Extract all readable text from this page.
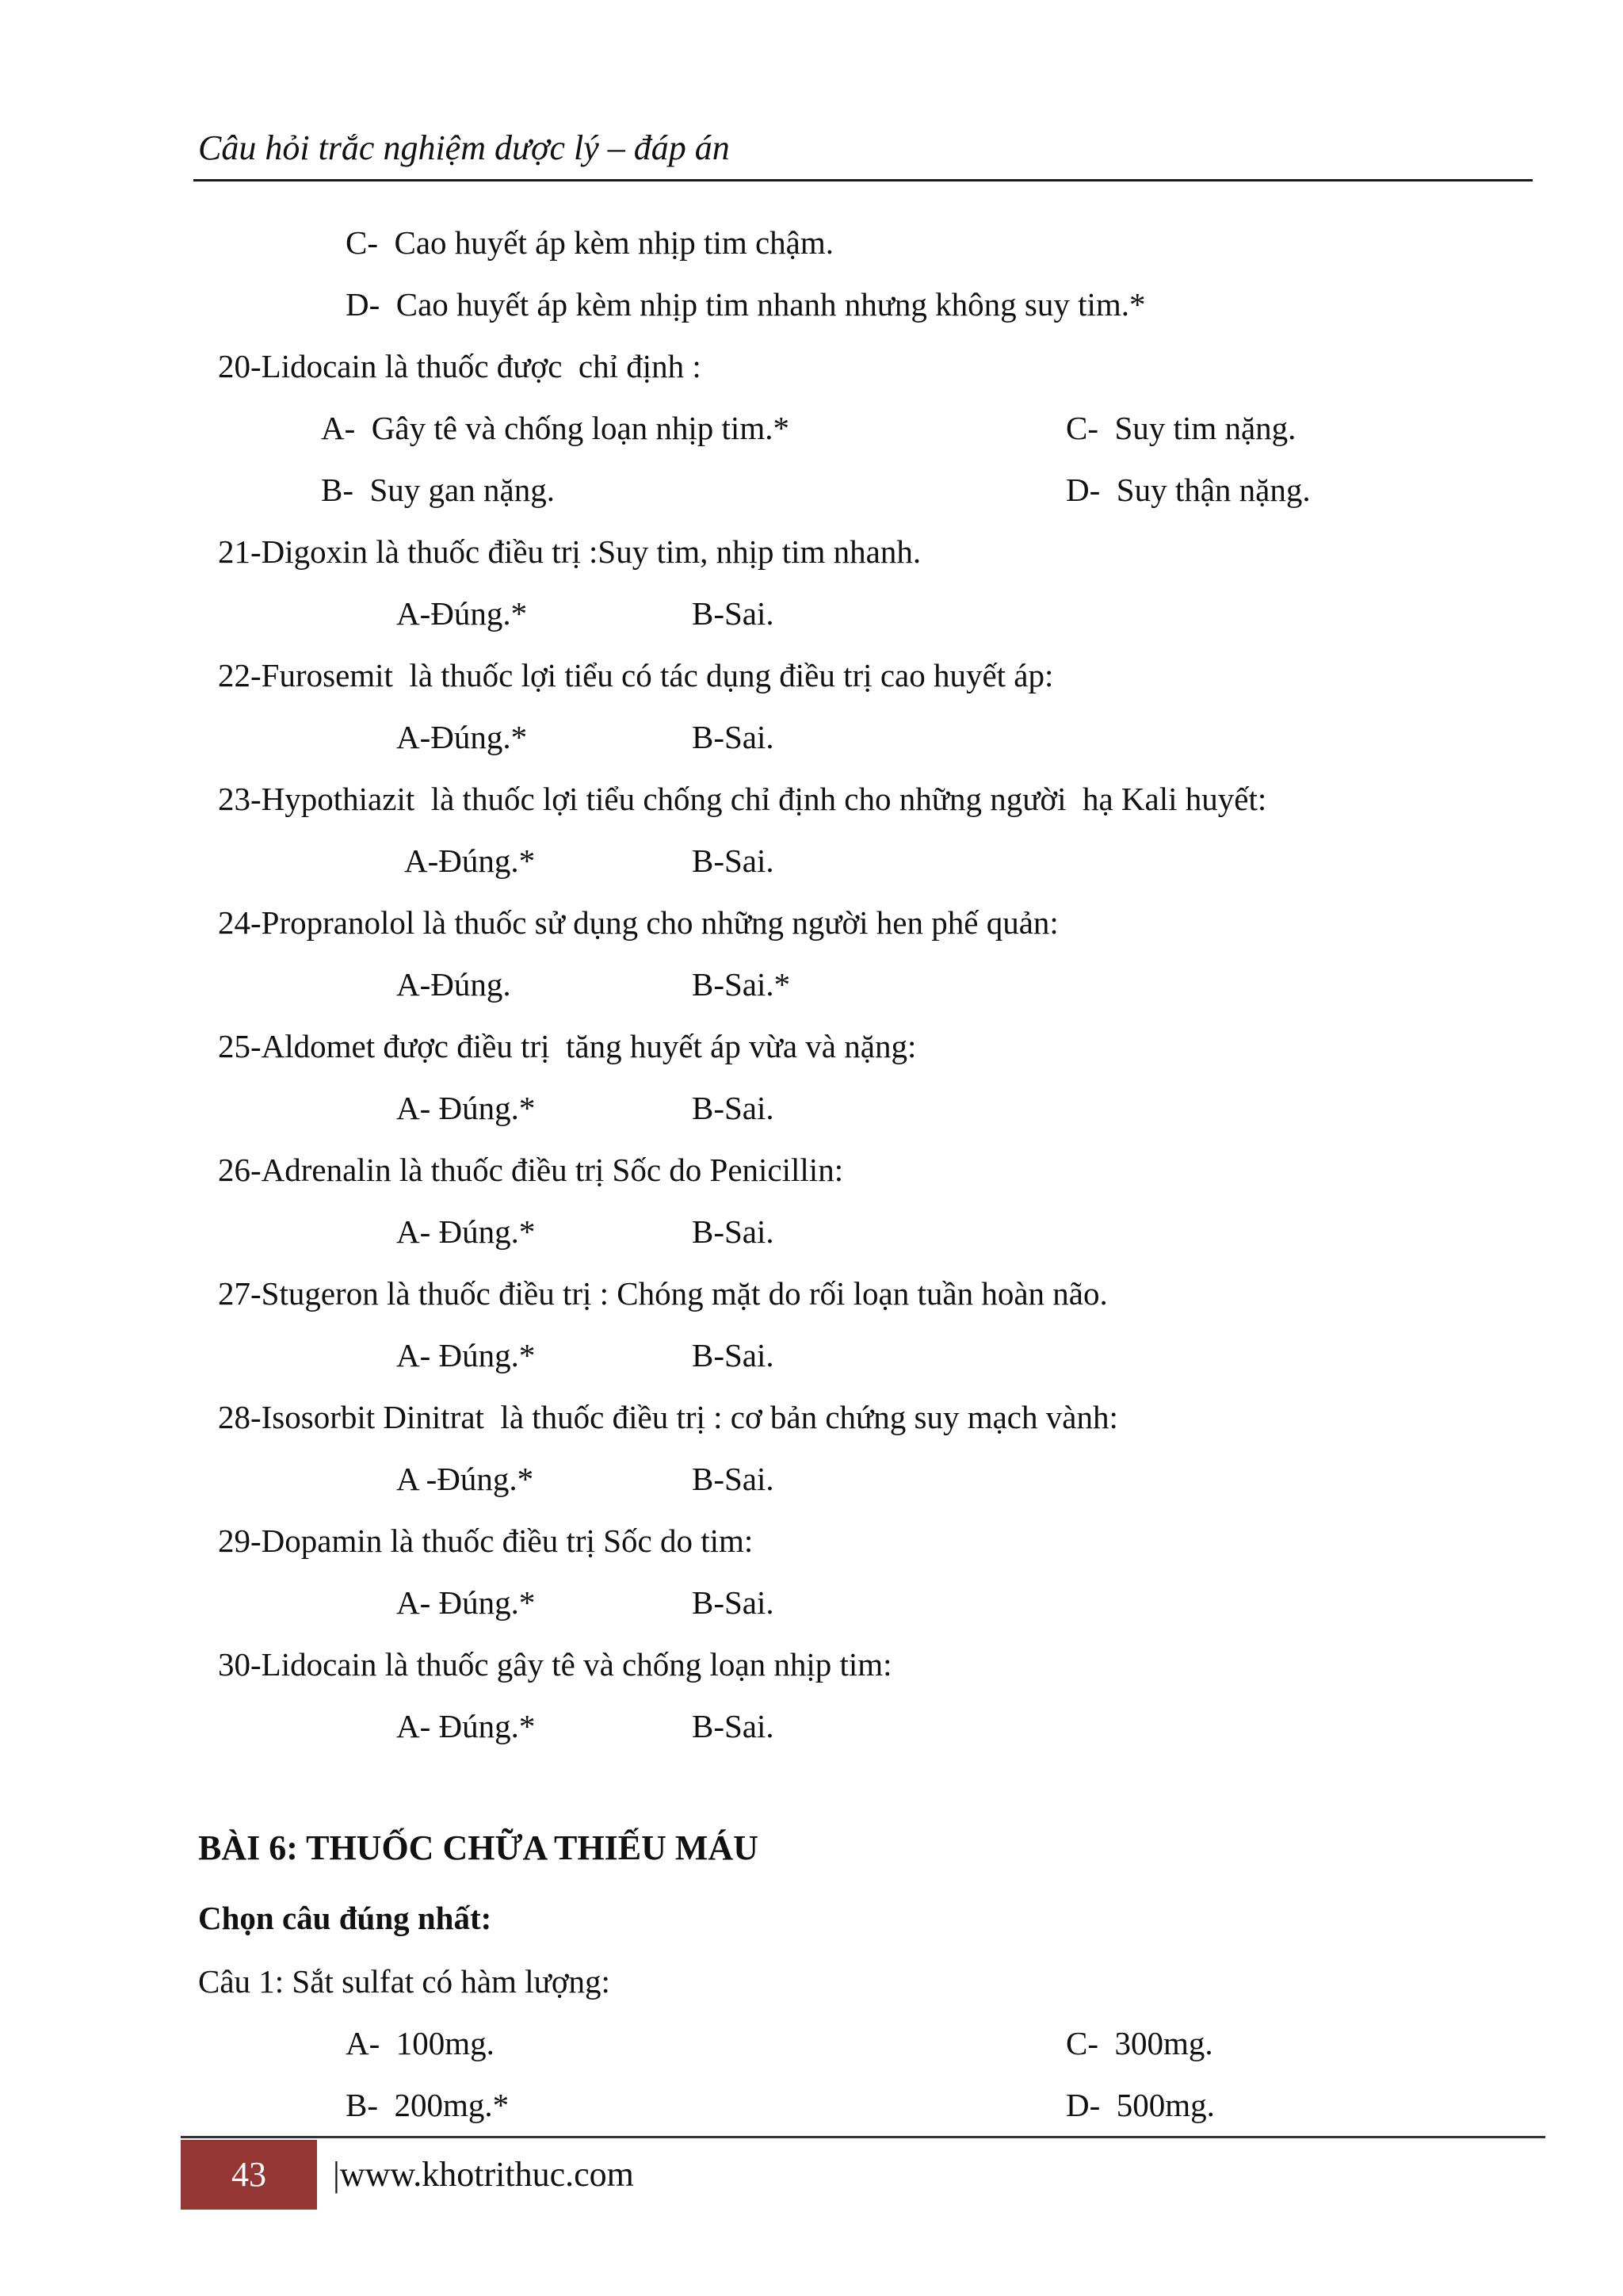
Câu hỏi trắc nghiệm dược lý – đáp án
C-  Cao huyết áp kèm nhịp tim chậm.
D-  Cao huyết áp kèm nhịp tim nhanh nhưng không suy tim.*
20-Lidocain là thuốc được  chỉ định :
A-  Gây tê và chống loạn nhịp tim.*	C-  Suy tim nặng.
B-  Suy gan nặng.	D-  Suy thận nặng.
21-Digoxin là thuốc điều trị :Suy tim, nhịp tim nhanh.
A-Đúng.*	B-Sai.
22-Furosemit  là thuốc lợi tiểu có tác dụng điều trị cao huyết áp:
A-Đúng.*	B-Sai.
23-Hypothiazit  là thuốc lợi tiểu chống chỉ định cho những người  hạ Kali huyết:
A-Đúng.*	B-Sai.
24-Propranolol là thuốc sử dụng cho những người hen phế quản:
A-Đúng.	B-Sai.*
25-Aldomet được điều trị  tăng huyết áp vừa và nặng:
A- Đúng.*	B-Sai.
26-Adrenalin là thuốc điều trị Sốc do Penicillin:
A- Đúng.*	B-Sai.
27-Stugeron là thuốc điều trị : Chóng mặt do rối loạn tuần hoàn não.
A- Đúng.*	B-Sai.
28-Isosorbit Dinitrat  là thuốc điều trị : cơ bản chứng suy mạch vành:
A -Đúng.*	B-Sai.
29-Dopamin là thuốc điều trị Sốc do tim:
A- Đúng.*	B-Sai.
30-Lidocain là thuốc gây tê và chống loạn nhịp tim:
A- Đúng.*	B-Sai.
BÀI 6: THUỐC CHỮA THIẾU MÁU
Chọn câu đúng nhất:
Câu 1: Sắt sulfat có hàm lượng:
A-  100mg.	C-  300mg.
B-  200mg.*	D-  500mg.
43	|www.khotrithuc.com
